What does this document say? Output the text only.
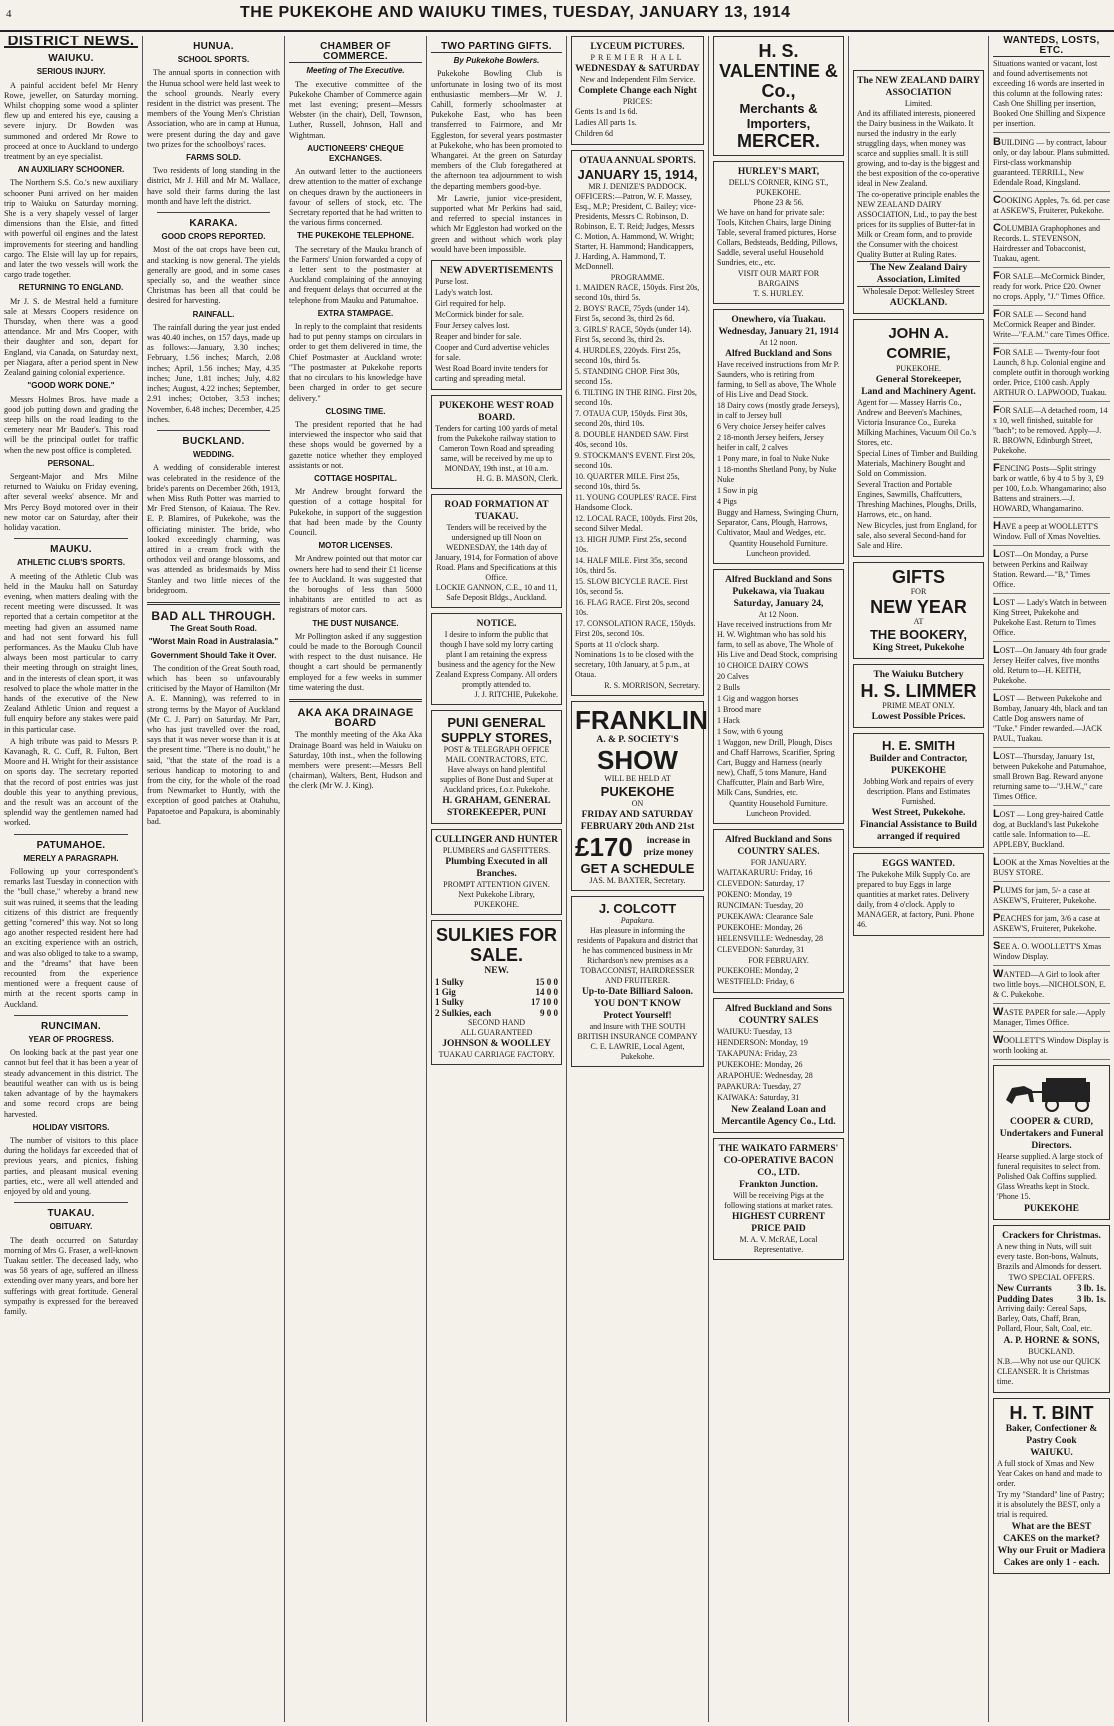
4	THE PUKEKOHE AND WAIUKU TIMES, TUESDAY, JANUARY 13, 1914
DISTRICT NEWS.
WAIUKU.
SERIOUS INJURY.

A painful accident befel Mr Henry Rowe, jeweller, on Saturday morning. Whilst chopping some wood a splinter flew up and entered his eye, causing a severe injury. Dr Bowden was summoned and ordered Mr Rowe to proceed at once to Auckland to undergo treatment by an eye specialist.

AN AUXILIARY SCHOONER.

The Northern S.S. Co.'s new auxiliary schooner Puni arrived on her maiden trip to Waiuku on Saturday morning. She is a very shapely vessel of larger dimensions than the Elsie, and fitted with powerful oil engines and the latest improvements for steering and handling cargo. The Elsie will lay up for repairs, and later the two vessels will work the cargo trade together.

RETURNING TO ENGLAND.

Mr J. S. de Mestral held a furniture sale at Messrs Coopers residence on Thursday, when there was a good attendance. Mr and Mrs Cooper, with their daughter and son, depart for England, via Canada, on Saturday next, per Niagara, after a period spent in New Zealand gaining colonial experience.

"GOOD WORK DONE."

Messrs Holmes Bros. have made a good job putting down and grading the steep hills on the road leading to the cemetery near Mr Bauder's. This road will be the principal outlet for traffic when the new post office is completed.

PERSONAL.

Sergeant-Major and Mrs Milne returned to Waiuku on Friday evening, after several weeks' absence. Mr and Mrs Percy Boyd motored over in their new motor car on Saturday, after their holiday vacation.

MAUKU.
ATHLETIC CLUB'S SPORTS.

A meeting of the Athletic Club was held in the Mauku hall on Saturday evening, when matters dealing with the recent meeting were discussed. It was reported that a certain competitor at the meeting had given an assumed name and had not sent forward his full performances. As the Mauku Club have always been most particular to carry their meeting through on straight lines, and in the interests of clean sport, it was resolved to place the whole matter in the hands of the executive of the New Zealand Athletic Union and request a full enquiry before any stakes were paid in this particular case.

A high tribute was paid to Messrs P. Kavanagh, R. C. Cuff, R. Fulton, Bert Moore and H. Wright for their assistance on sports day. The secretary reported that the record of post entries was just double this year to anything previous, and the result was an account of the splendid way the gentlemen named had worked.

PATUMAHOE.
MERELY A PARAGRAPH.

Following up your correspondent's remarks last Tuesday in connection with the "bull chase," whereby a brand new suit was ruined, it seems that the leading citizens of this district are frequently getting "cornered" this way. Not so long ago another respected resident here had an exciting experience with an ostrich, and was also obliged to take to a swamp, and the "dreams" that have been recounted from the experience mentioned were a frequent cause of mirth at the recent sports camp in Auckland.

RUNCIMAN.
YEAR OF PROGRESS.

On looking back at the past year one cannot but feel that it has been a year of steady advancement in this district. The beautiful weather can with us is being taken advantage of by the haymakers and some record crops are being harvested.

HOLIDAY VISITORS.

The number of visitors to this place during the holidays far exceeded that of previous years, and picnics, fishing parties, and pleasant musical evening parties, etc., were all well attended and enjoyed by old and young.

TUAKAU.
OBITUARY.

The death occurred on Saturday morning of Mrs G. Fraser, a well-known Tuakau settler. The deceased lady, who was 58 years of age, suffered an illness extending over many years, and bore her sufferings with great fortitude. General sympathy is expressed for the bereaved family.

HUNUA.
SCHOOL SPORTS.

The annual sports in connection with the Hunua school were held last week to the school grounds. Nearly every resident in the district was present. The members of the Young Men's Christian Association, who are in camp at Hunua, were present during the day and gave two prizes for the schoolboys' races.

FARMS SOLD.

Two residents of long standing in the district, Mr J. Hill and Mr M. Wallace, have sold their farms during the last month and have left the district.

KARAKA.
GOOD CROPS REPORTED.

Most of the oat crops have been cut, and stacking is now general. The yields generally are good, and in some cases specially so, and the weather since Christmas has been all that could be desired for harvesting.

RAINFALL.

The rainfall during the year just ended was 40.40 inches, on 157 days, made up as follows:—January, 3.30 inches; February, 1.56 inches; March, 2.08 inches; April, 1.56 inches; May, 4.35 inches; June, 1.81 inches; July, 4.82 inches; August, 4.22 inches; September, 2.91 inches; October, 3.53 inches; November, 6.48 inches; December, 4.25 inches.

BUCKLAND.
WEDDING.

A wedding of considerable interest was celebrated in the residence of the bride's parents on December 26th, 1913, when Miss Ruth Potter was married to Mr Fred Stenson, of Kaiaua. The Rev. E. P. Blamires, of Pukekohe, was the officiating minister. The bride, who looked exceedingly charming, was attired in a cream frock with the orthodox veil and orange blossoms, and was attended as bridesmaids by Miss Stanley and two little nieces of the bridegroom.

BAD ALL THROUGH.
The Great South Road.
"Worst Main Road in Australasia."
Government Should Take it Over.

The condition of the Great South road, which has been so unfavourably criticised by the Mayor of Hamilton (Mr A. E. Manning), was referred to in strong terms by the Mayor of Auckland (Mr C. J. Parr) on Saturday. Mr Parr, who has just travelled over the road, says that it was never worse than it is at the present time. "There is no doubt," he said, "that the state of the road is a serious handicap to motoring to and from the city, for the whole of the road from Newmarket to Huntly, with the exception of good patches at Otahuhu, Papatoetoe and Papakura, is abominably bad.

CHAMBER OF COMMERCE.
Meeting of The Executive.

The executive committee of the Pukekohe Chamber of Commerce again met last evening; present—Messrs Webster (in the chair), Dell, Townson, Luther, Russell, Johnson, Hall and Wightman.

AUCTIONEERS' CHEQUE EXCHANGES.

An outward letter to the auctioneers drew attention to the matter of exchange on cheques drawn by the auctioneers in favour of sellers of stock, etc. The Secretary reported that he had written to the various firms concerned.

THE PUKEKOHE TELEPHONE.

The secretary of the Mauku branch of the Farmers' Union forwarded a copy of a letter sent to the postmaster at Auckland complaining of the annoying and frequent delays that occurred at the telephone from Mauku and Patumahoe.

EXTRA STAMPAGE.

In reply to the complaint that residents had to put penny stamps on circulars in order to get them delivered in time, the Chief Postmaster at Auckland wrote: "The postmaster at Pukekohe reports that no circulars to his knowledge have been charged in order to get secure delivery."

CLOSING TIME.

The president reported that he had interviewed the inspector who said that these shops would be governed by a gazette notice whether they employed assistants or not.

COTTAGE HOSPITAL.

Mr Andrew brought forward the question of a cottage hospital for Pukekohe, in support of the suggestion that had been made by the County Council.

MOTOR LICENSES.

Mr Andrew pointed out that motor car owners here had to send their £1 license fee to Auckland. It was suggested that the boroughs of less than 5000 inhabitants are entitled to act as registrars of motor cars.

THE DUST NUISANCE.

Mr Pollington asked if any suggestion could be made to the Borough Council with respect to the dust nuisance. He thought a cart should be permanently employed for a few weeks in summer time watering the dust.

AKA AKA DRAINAGE BOARD

The monthly meeting of the Aka Aka Drainage Board was held in Waiuku on Saturday, 10th inst., when the following members were present:—Messrs Bell (chairman), Walters, Bent, Hudson and the clerk (Mr W. J. King).

TWO PARTING GIFTS.
By Pukekohe Bowlers.

Pukekohe Bowling Club is unfortunate in losing two of its most enthusiastic members—Mr W. J. Cahill, formerly schoolmaster at Pukekohe East, who has been transferred to Fairmore, and Mr Eggleston, for several years postmaster at Pukekohe, who has been promoted to Whangarei. At the green on Saturday members of the Club foregathered at the afternoon tea adjournment to wish the departing members good-bye.

Mr Lawrie, junior vice-president, supported what Mr Perkins had said, and referred to special instances in which Mr Eggleston had worked on the green and without which work play would have been impossible.

NEW ADVERTISEMENTS
Purse lost.
Lady's watch lost.
Girl required for help.
McCormick binder for sale.
Four Jersey calves lost.
Reaper and binder for sale.
Cooper and Curd advertise vehicles for sale.
West Road Board invite tenders for carting and spreading metal.
PUKEKOHE WEST ROAD BOARD.
Tenders for carting 100 yards of metal from the Pukekohe railway station to Cameron Town Road and spreading same, will be received by me up to MONDAY, 19th inst., at 10 a.m.
H. G. B. MASON, Clerk.
ROAD FORMATION AT TUAKAU.
Tenders will be received by the undersigned up till Noon on WEDNESDAY, the 14th day of January, 1914, for Formation of above Road. Plans and Specifications at this Office.
LOCKIE GANNON, C.E., 10 and 11, Safe Deposit Bldgs., Auckland.
NOTICE.
I desire to inform the public that though I have sold my lorry carting plant I am retaining the express business and the agency for the New Zealand Express Company. All orders promptly attended to.
J. J. RITCHIE, Pukekohe.
PUNI GENERAL SUPPLY STORES,
POST & TELEGRAPH OFFICE MAIL CONTRACTORS, ETC.
Have always on hand plentiful supplies of Bone Dust and Super at Auckland prices, f.o.r. Pukekohe.
H. GRAHAM, GENERAL STOREKEEPER, PUNI
CULLINGER AND HUNTER
PLUMBERS and GASFITTERS.
Plumbing Executed in all Branches.
PROMPT ATTENTION GIVEN.
Next Pukekohe Library, PUKEKOHE.
SULKIES FOR SALE.
NEW.
1 Sulky	15 0 0
1 Gig	14 0 0
1 Sulky	17 10 0
2 Sulkies, each	9 0 0
SECOND HAND
ALL GUARANTEED
JOHNSON & WOOLLEY
TUAKAU CARRIAGE FACTORY.
LYCEUM PICTURES.
PREMIER HALL
WEDNESDAY & SATURDAY
New and Independent Film Service.
Complete Change each Night
PRICES:
Gents 1s and 1s 6d.
Ladies All parts 1s.
Children 6d
OTAUA ANNUAL SPORTS.
JANUARY 15, 1914,
MR J. DENIZE'S PADDOCK.
OFFICERS:—Patron, W. F. Massey, Esq., M.P.; President, C. Bailey; vice-Presidents, Messrs C. Robinson, D. Robinson, E. T. Reid; Judges, Messrs C. Motion, A. Hammond, W. Wright; Starter, H. Hammond; Handicappers, J. Harding, A. Hammond, T. McDonnell.
PROGRAMME.
1. MAIDEN RACE, 150yds. First 20s, second 10s, third 5s.
2. BOYS' RACE, 75yds (under 14). First 5s, second 3s, third 2s 6d.
3. GIRLS' RACE, 50yds (under 14). First 5s, second 3s, third 2s.
4. HURDLES, 220yds. First 25s, second 10s, third 5s.
5. STANDING CHOP. First 30s, second 15s.
6. TILTING IN THE RING. First 20s, second 10s.
7. OTAUA CUP, 150yds. First 30s, second 20s, third 10s.
8. DOUBLE HANDED SAW. First 40s, second 10s.
9. STOCKMAN'S EVENT. First 20s, second 10s.
10. QUARTER MILE. First 25s, second 10s, third 5s.
11. YOUNG COUPLES' RACE. First Handsome Clock.
12. LOCAL RACE, 100yds. First 20s, second Silver Medal.
13. HIGH JUMP. First 25s, second 10s.
14. HALF MILE. First 35s, second 10s, third 5s.
15. SLOW BICYCLE RACE. First 10s, second 5s.
16. FLAG RACE. First 20s, second 10s.
17. CONSOLATION RACE, 150yds. First 20s, second 10s.
Sports at 11 o'clock sharp. Nominations 1s to be closed with the secretary, 10th January, at 5 p.m., at Otaua.
R. S. MORRISON, Secretary.
FRANKLIN
A. & P. SOCIETY'S
SHOW
WILL BE HELD AT
PUKEKOHE
ON
FRIDAY AND SATURDAY FEBRUARY 20th AND 21st
£170	increase in prize money
GET A SCHEDULE
JAS. M. BAXTER, Secretary.
J. COLCOTT
Papakura.
Has pleasure in informing the residents of Papakura and district that he has commenced business in Mr Richardson's new premises as a TOBACCONIST, HAIRDRESSER AND FRUITERER.
Up-to-Date Billiard Saloon.
YOU DON'T KNOW
Protect Yourself!
and Insure with THE SOUTH BRITISH INSURANCE COMPANY
C. E. LAWRIE, Local Agent, Pukekohe.
H. S. VALENTINE & Co.,
Merchants & Importers,
MERCER.
HURLEY'S MART,
DELL'S CORNER, KING ST., PUKEKOHE.
Phone 23 & 56.
We have on hand for private sale: Tools, Kitchen Chairs, large Dining Table, several framed pictures, Horse Collars, Bedsteads, Bedding, Pillows, Saddle, several useful Household Sundries, etc., etc.
VISIT OUR MART FOR BARGAINS
T. S. HURLEY.
Onewhero, via Tuakau.
Wednesday, January 21, 1914
At 12 noon.
Alfred Buckland and Sons
Have received instructions from Mr P. Saunders, who is retiring from farming, to Sell as above, The Whole of His Live and Dead Stock.
18 Dairy cows (mostly grade Jerseys), in calf to Jersey bull
6 Very choice Jersey heifer calves
2 18-month Jersey heifers, Jersey heifer in calf, 2 calves
1 Pony mare, in foal to Nuke Nuke
1 18-months Shetland Pony, by Nuke Nuke
1 Sow in pig
4 Pigs
Buggy and Harness, Swinging Churn, Separator, Cans, Plough, Harrows, Cultivator, Maul and Wedges, etc.
Quantity Household Furniture. Luncheon provided.
Alfred Buckland and Sons
Pukekawa, via Tuakau
Saturday, January 24,
At 12 Noon.
Have received instructions from Mr H. W. Wightman who has sold his farm, to sell as above, The Whole of His Live and Dead Stock, comprising
10 CHOICE DAIRY COWS
20 Calves
2 Bulls
1 Gig and waggon horses
1 Brood mare
1 Hack
1 Sow, with 6 young
1 Waggon, new Drill, Plough, Discs and Chaff Harrows, Scarifier, Spring Cart, Buggy and Harness (nearly new), Chaff, 5 tons Manure, Hand Chaffcutter, Plain and Barb Wire, Milk Cans, Sundries, etc.
Quantity Household Furniture. Luncheon Provided.
Alfred Buckland and Sons
COUNTRY SALES.
FOR JANUARY.
WAITAKARURU: Friday, 16
CLEVEDON: Saturday, 17
POKENO: Monday, 19
RUNCIMAN: Tuesday, 20
PUKEKAWA: Clearance Sale
PUKEKOHE: Monday, 26
HELENSVILLE: Wednesday, 28
CLEVEDON: Saturday, 31
FOR FEBRUARY.
PUKEKOHE: Monday, 2
WESTFIELD: Friday, 6
Alfred Buckland and Sons
COUNTRY SALES
WAIUKU: Tuesday, 13
HENDERSON: Monday, 19
TAKAPUNA: Friday, 23
PUKEKOHE: Monday, 26
ARAPOHUE: Wednesday, 28
PAPAKURA: Tuesday, 27
KAIWAKA: Saturday, 31
New Zealand Loan and Mercantile Agency Co., Ltd.
THE WAIKATO FARMERS' CO-OPERATIVE BACON CO., LTD.
Frankton Junction.
Will be receiving Pigs at the following stations at market rates.
HIGHEST CURRENT PRICE PAID
M. A. V. McRAE, Local Representative.
The NEW ZEALAND DAIRY ASSOCIATION
Limited.
And its affiliated interests, pioneered the Dairy business in the Waikato. It nursed the industry in the early struggling days, when money was scarce and supplies small. It is still growing, and to-day is the biggest and the best exposition of the co-operative ideal in New Zealand.
The co-operative principle enables the NEW ZEALAND DAIRY ASSOCIATION, Ltd., to pay the best prices for its supplies of Butter-fat in Milk or Cream form, and to provide the Consumer with the choicest Quality Butter at Ruling Rates.
The New Zealand Dairy Association, Limited
Wholesale Depot: Wellesley Street
AUCKLAND.
JOHN A. COMRIE,
PUKEKOHE.
General Storekeeper,
Land and Machinery Agent.
Agent for — Massey Harris Co., Andrew and Beeven's Machines, Victoria Insurance Co., Eureka Milking Machines, Vacuum Oil Co.'s Stores, etc.
Special Lines of Timber and Building Materials, Machinery Bought and Sold on Commission.
Several Traction and Portable Engines, Sawmills, Chaffcutters, Threshing Machines, Ploughs, Drills, Harrows, etc., on hand.
New Bicycles, just from England, for sale, also several Second-hand for Sale and Hire.
GIFTS
FOR
NEW YEAR
AT
THE BOOKERY,
King Street, Pukekohe
The Waiuku Butchery
H. S. LIMMER
PRIME MEAT ONLY.
Lowest Possible Prices.
H. E. SMITH
Builder and Contractor, PUKEKOHE
Jobbing Work and repairs of every description. Plans and Estimates Furnished.
West Street, Pukekohe.
Financial Assistance to Build arranged if required
EGGS WANTED.
The Pukekohe Milk Supply Co. are prepared to buy Eggs in large quantities at market rates. Delivery daily, from 4 o'clock. Apply to MANAGER, at factory, Puni. Phone 46.
WANTEDS, LOSTS, ETC.
Situations wanted or vacant, lost and found advertisements not exceeding 16 words are inserted in this column at the following rates: Cash One Shilling per insertion, Booked One Shilling and Sixpence per insertion.
BUILDING — by contract, labour only, or day labour. Plans submitted. First-class workmanship guaranteed. TERRILL, New Edendale Road, Kingsland.
COOKING Apples, 7s. 6d. per case at ASKEW'S, Fruiterer, Pukekohe.
COLUMBIA Graphophones and Records. L. STEVENSON, Hairdresser and Tobacconist, Tuakau, agent.
FOR SALE—McCormick Binder, ready for work. Price £20. Owner no crops. Apply, "J." Times Office.
FOR SALE — Second hand McCormick Reaper and Binder. Write—"F.A.M." care Times Office.
FOR SALE — Twenty-four foot Launch, 8 h.p. Colonial engine and complete outfit in thorough working order. Price, £100 cash. Apply ARTHUR O. LAPWOOD, Tuakau.
FOR SALE—A detached room, 14 x 10, well finished, suitable for "bach"; to be removed. Apply—J. R. BROWN, Edinburgh Street, Pukekohe.
FENCING Posts—Split stringy bark or wattle, 6 by 4 to 5 by 3, £9 per 100, f.o.b. Whangamarino; also Battens and strainers.—J. HOWARD, Whangamarino.
HAVE a peep at WOOLLETT'S Window. Full of Xmas Novelties.
LOST—On Monday, a Purse between Perkins and Railway Station. Reward.—"B," Times Office.
LOST — Lady's Watch in between King Street, Pukekohe and Pukekohe East. Return to Times Office.
LOST—On January 4th four grade Jersey Heifer calves, five months old. Return to—H. KEITH, Pukekohe.
LOST — Between Pukekohe and Bombay, January 4th, black and tan Cattle Dog answers name of "Tuke." Finder rewarded.—JACK PAUL, Tuakau.
LOST—Thursday, January 1st, between Pukekohe and Patumahoe, small Brown Bag. Reward anyone returning same to—"J.H.W.," care Times Office.
LOST — Long grey-haired Cattle dog, at Buckland's last Pukekohe cattle sale. Information to—E. APPLEBY, Buckland.
LOOK at the Xmas Novelties at the BUSY STORE.
PLUMS for jam, 5/- a case at ASKEW'S, Fruiterer, Pukekohe.
PEACHES for jam, 3/6 a case at ASKEW'S, Fruiterer, Pukekohe.
SEE A. O. WOOLLETT'S Xmas Window Display.
WANTED—A Girl to look after two little boys.—NICHOLSON, E. & C. Pukekohe.
WASTE PAPER for sale.—Apply Manager, Times Office.
WOOLLETT'S Window Display is worth looking at.
COOPER & CURD,
Undertakers and Funeral Directors.
Hearse supplied. A large stock of funeral requisites to select from. Polished Oak Coffins supplied. Glass Wreaths kept in Stock. 'Phone 15.
PUKEKOHE
Crackers for Christmas.
A new thing in Nuts, will suit every taste. Bon-bons, Walnuts, Brazils and Almonds for dessert.
TWO SPECIAL OFFERS.
New Currants	3 lb. 1s.
Pudding Dates	3 lb. 1s.
Arriving daily: Cereal Saps, Barley, Oats, Chaff, Bran, Pollard, Flour, Salt, Coal, etc.
A. P. HORNE & SONS,
BUCKLAND.
N.B.—Why not use our QUICK CLEANSER. It is Christmas time.
H. T. BINT
Baker, Confectioner & Pastry Cook
WAIUKU.
A full stock of Xmas and New Year Cakes on hand and made to order.
Try my "Standard" line of Pastry; it is absolutely the BEST, only a trial is required.
What are the BEST CAKES on the market?
Why our Fruit or Madiera Cakes are only 1 - each.
